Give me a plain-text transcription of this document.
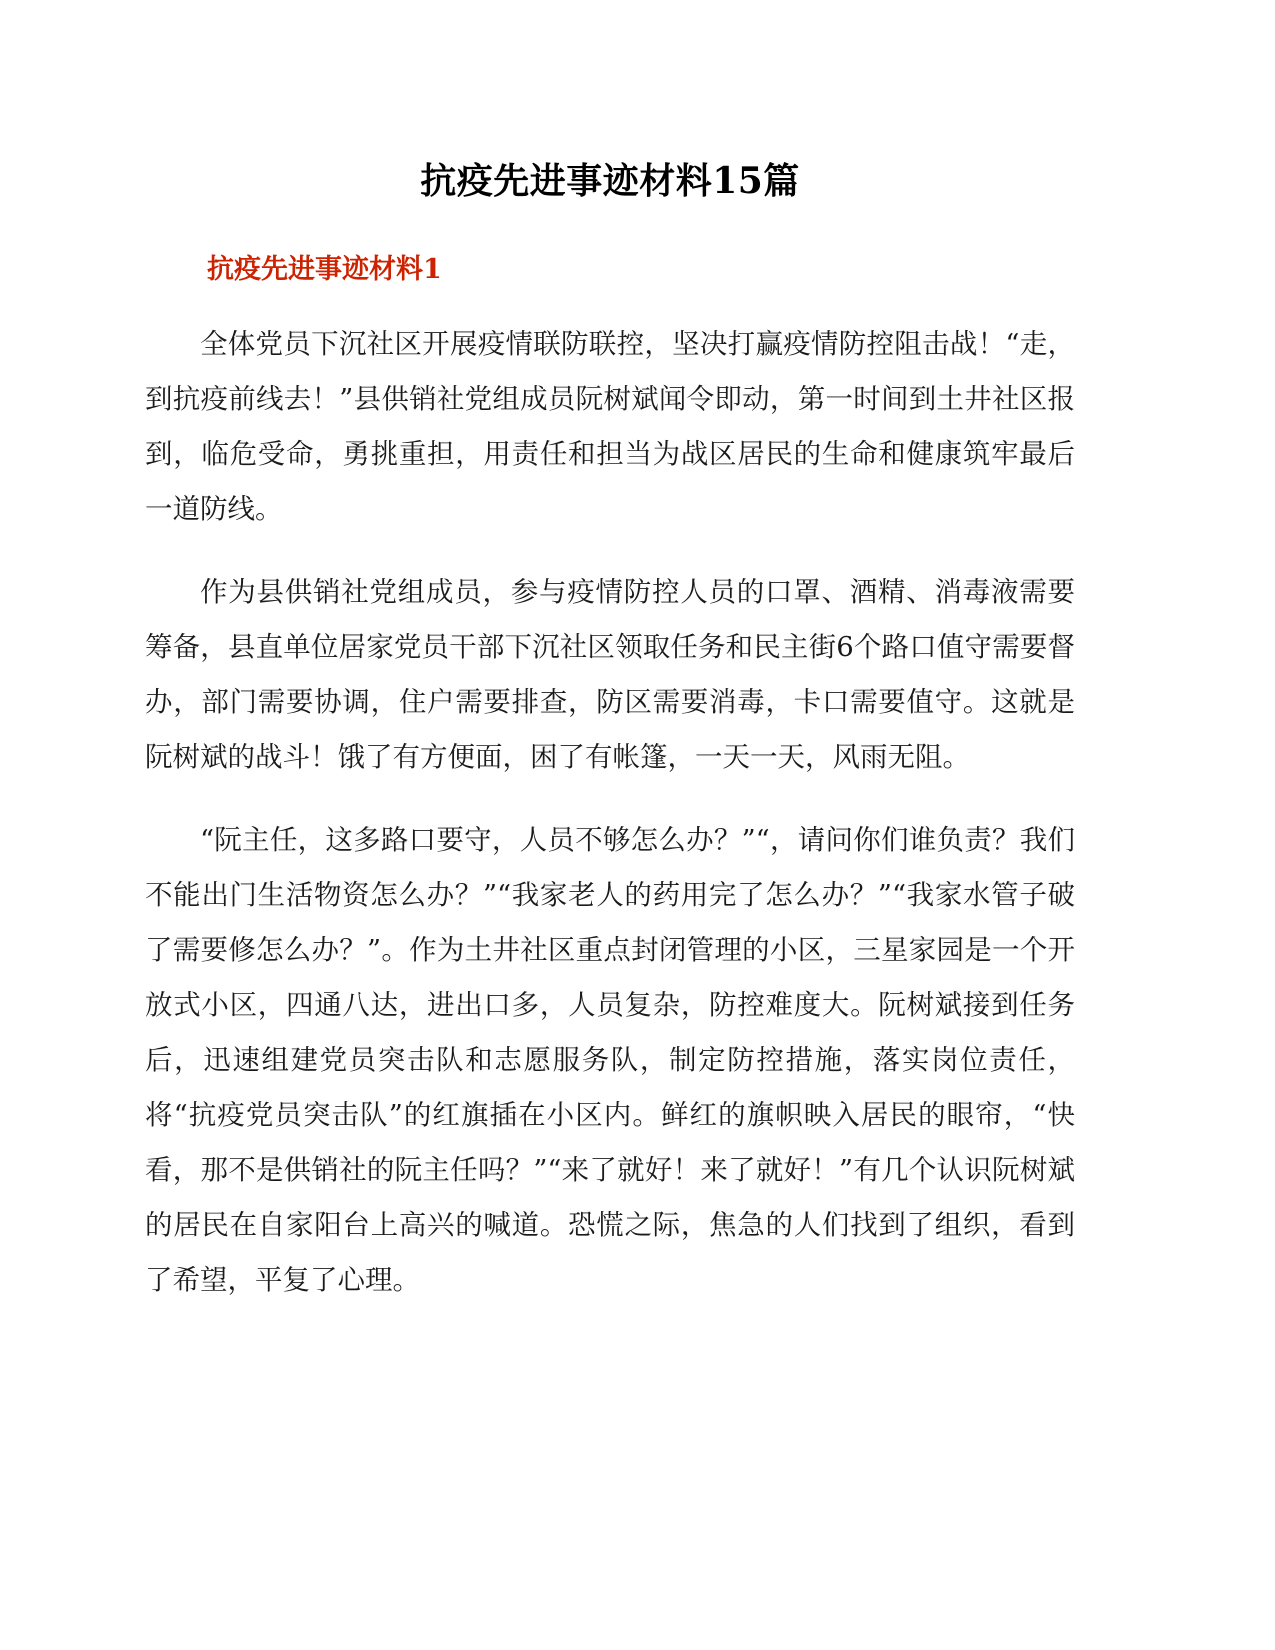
抗疫先进事迹材料15篇
抗疫先进事迹材料1

全体党员下沉社区开展疫情联防联控，坚决打赢疫情防控阻击战！“走，到抗疫前线去！”县供销社党组成员阮树斌闻令即动，第一时间到土井社区报到，临危受命，勇挑重担，用责任和担当为战区居民的生命和健康筑牢最后一道防线。

作为县供销社党组成员，参与疫情防控人员的口罩、酒精、消毒液需要筹备，县直单位居家党员干部下沉社区领取任务和民主街6个路口值守需要督办，部门需要协调，住户需要排查，防区需要消毒，卡口需要值守。这就是阮树斌的战斗！饿了有方便面，困了有帐篷，一天一天，风雨无阻。

“阮主任，这多路口要守，人员不够怎么办？”“，请问你们谁负责？我们不能出门生活物资怎么办？”“我家老人的药用完了怎么办？”“我家水管子破了需要修怎么办？”。作为土井社区重点封闭管理的小区，三星家园是一个开放式小区，四通八达，进出口多，人员复杂，防控难度大。阮树斌接到任务后，迅速组建党员突击队和志愿服务队，制定防控措施，落实岗位责任，将“抗疫党员突击队”的红旗插在小区内。鲜红的旗帜映入居民的眼帘，“快看，那不是供销社的阮主任吗？”“来了就好！来了就好！”有几个认识阮树斌的居民在自家阳台上高兴的喊道。恐慌之际，焦急的人们找到了组织，看到了希望，平复了心理。
